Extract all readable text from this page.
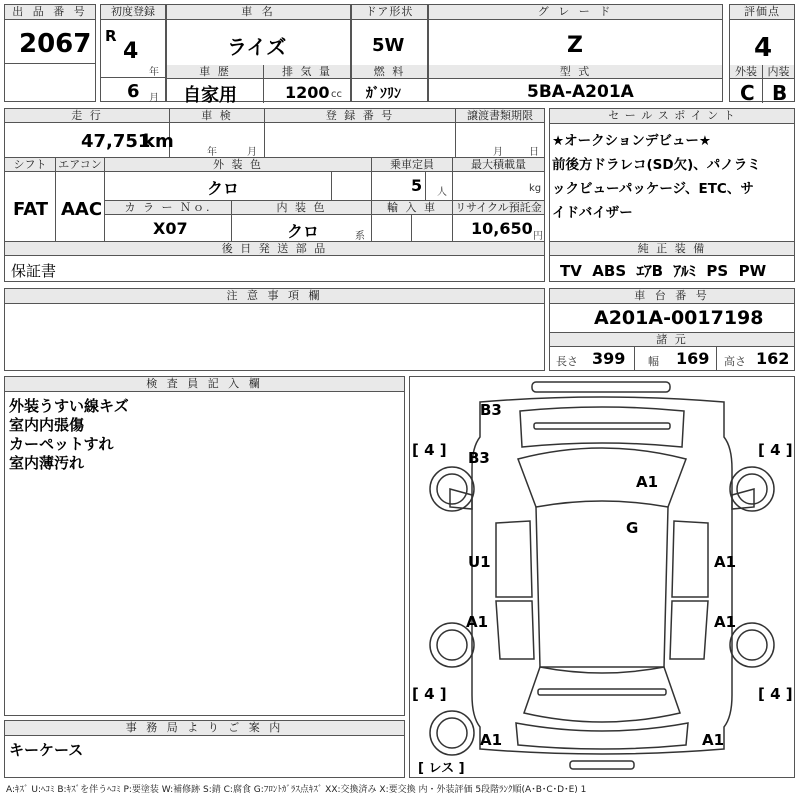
出 品 番 号
2067
初度登録
R
4
年
6 月
車 名
ライズ
車 歴	排 気 量
自家用	1200 cc
ドア形状
5W
燃 料
ｶﾞｿﾘﾝ
グ レ ー ド
Z
型 式
5BA-A201A
評価点
4
外装 内装
C B
走 行	車 検	登 録 番 号	譲渡書類期限
47,751
km
年	月	月	日
シフト	エアコン
FAT AAC
外 装 色	乗車定員	最大積載量
クロ	5 人	kg
カ ラ ー Ｎｏ.	内 装 色	輸 入 車	リサイクル預託金
X07	クロ	系	10,650 円
後 日 発 送 部 品
保証書
セ ー ル ス ポ イ ン ト
★オークションデビュー★
前後方ドラレコ(SD欠)、パノラミ
ックビューパッケージ、ETC、サ
イドバイザー
純 正 装 備
TV  ABS  ｴｱB  ｱﾙﾐ  PS  PW
注 意 事 項 欄	車 台 番 号
A201A-0017198
諸 元
長さ 399 幅 169 高さ 162
検 査 員 記 入 欄
外装うすい線キズ
室内内張傷
カーペットすれ
室内薄汚れ
事 務 局 よ り ご 案 内
キーケース
B3
B3
A1
G
U1	A1
A1	A1
A1	A1
[ 4 ]	[ 4 ]
[ 4 ]	[ 4 ]
[ レス ]
A:ｷｽﾞ U:ﾍｺﾐ B:ｷｽﾞを伴うﾍｺﾐ P:要塗装 W:補修跡 S:錆 C:腐食 G:ﾌﾛﾝﾄｶﾞﾗｽ点ｷｽﾞ XX:交換済み X:要交換 内・外装評価 5段階ﾗﾝｸ順(A･B･C･D･E) 1
